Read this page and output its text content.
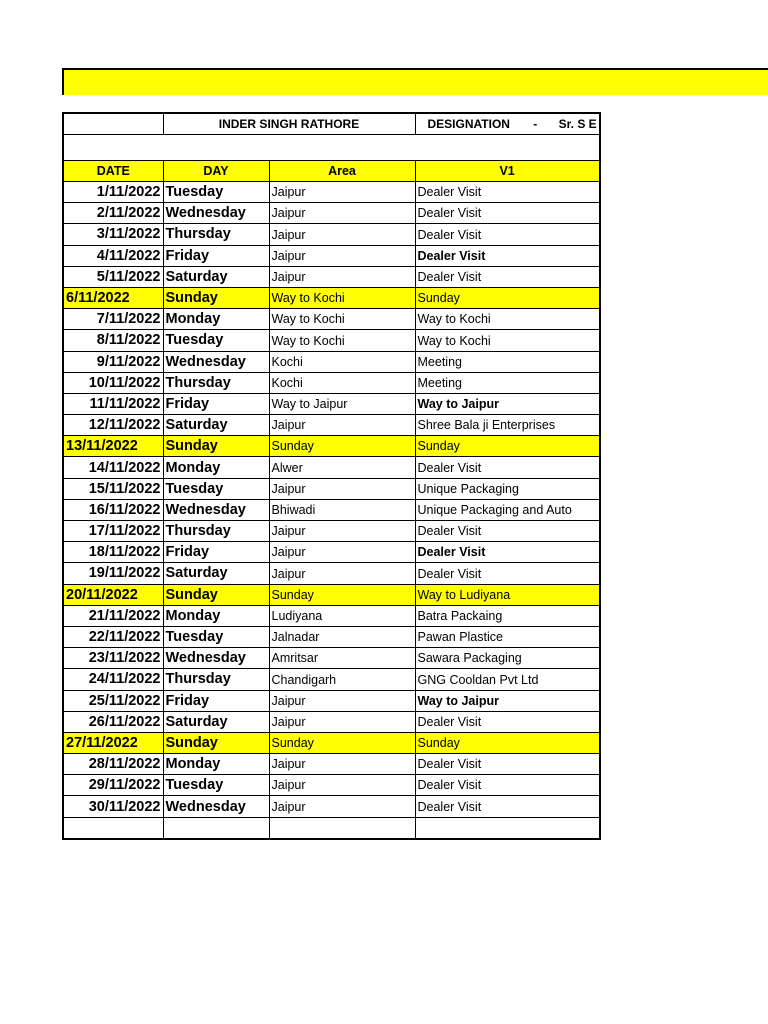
	INDER SINGH RATHORE		DESIGNATION - Sr. S E

DATE	DAY	Area	V1
1/11/2022	Tuesday	Jaipur	Dealer Visit
2/11/2022	Wednesday	Jaipur	Dealer Visit
3/11/2022	Thursday	Jaipur	Dealer Visit
4/11/2022	Friday	Jaipur	Dealer Visit
5/11/2022	Saturday	Jaipur	Dealer Visit
6/11/2022	Sunday	Way to Kochi	Sunday
7/11/2022	Monday	Way to Kochi	Way to Kochi
8/11/2022	Tuesday	Way to Kochi	Way to Kochi
9/11/2022	Wednesday	Kochi	Meeting
10/11/2022	Thursday	Kochi	Meeting
11/11/2022	Friday	Way to Jaipur	Way to Jaipur
12/11/2022	Saturday	Jaipur	Shree Bala ji Enterprises
13/11/2022	Sunday	Sunday	Sunday
14/11/2022	Monday	Alwer	Dealer Visit
15/11/2022	Tuesday	Jaipur	Unique Packaging
16/11/2022	Wednesday	Bhiwadi	Unique Packaging and Auto
17/11/2022	Thursday	Jaipur	Dealer Visit
18/11/2022	Friday	Jaipur	Dealer Visit
19/11/2022	Saturday	Jaipur	Dealer Visit
20/11/2022	Sunday	Sunday	Way to Ludiyana
21/11/2022	Monday	Ludiyana	Batra Packaing
22/11/2022	Tuesday	Jalnadar	Pawan Plastice
23/11/2022	Wednesday	Amritsar	Sawara Packaging
24/11/2022	Thursday	Chandigarh	GNG Cooldan Pvt Ltd
25/11/2022	Friday	Jaipur	Way to Jaipur
26/11/2022	Saturday	Jaipur	Dealer Visit
27/11/2022	Sunday	Sunday	Sunday
28/11/2022	Monday	Jaipur	Dealer Visit
29/11/2022	Tuesday	Jaipur	Dealer Visit
30/11/2022	Wednesday	Jaipur	Dealer Visit
